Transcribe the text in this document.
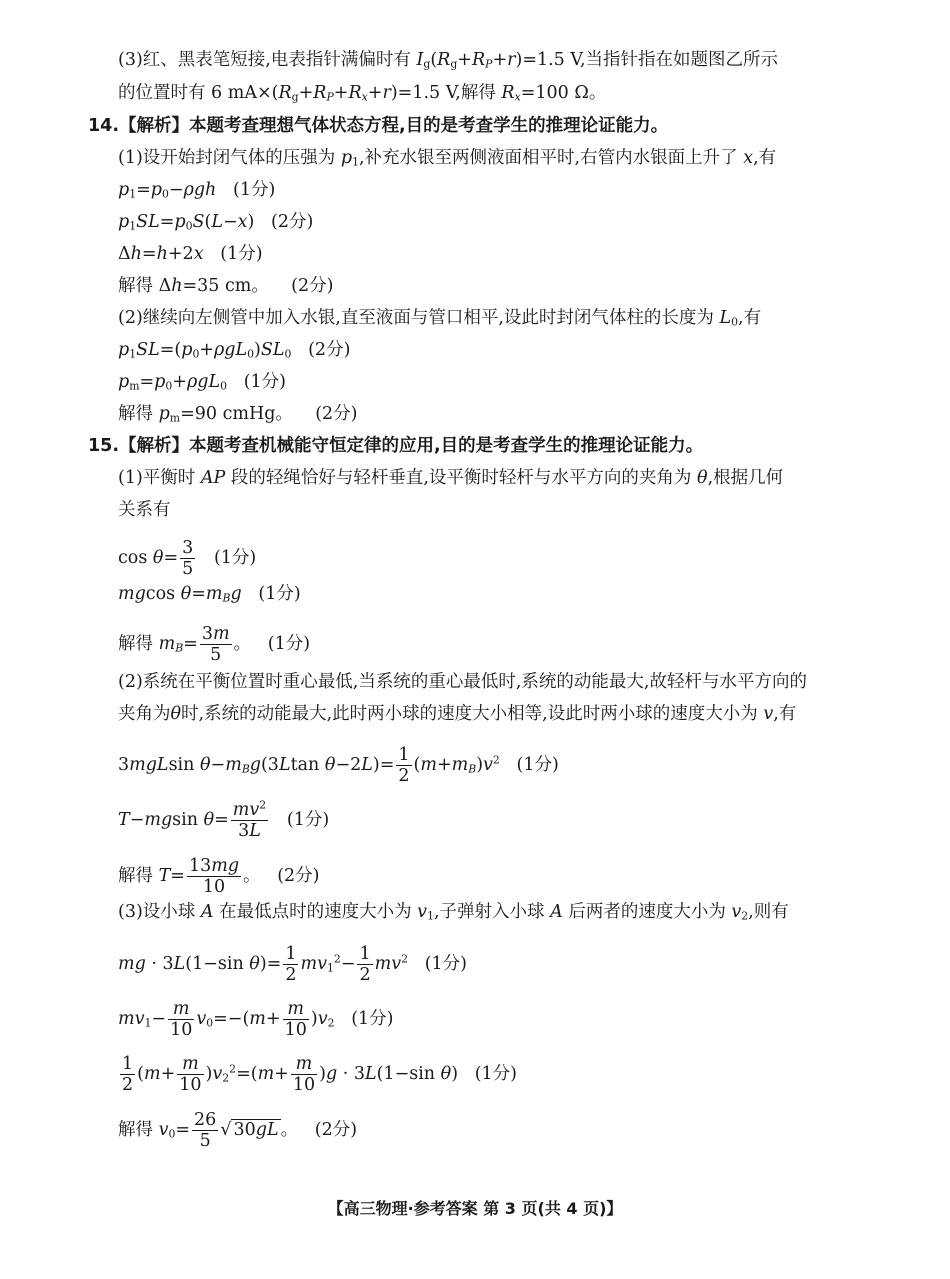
(3)红、黑表笔短接,电表指针满偏时有 $I_g(R_g+R_P+r)=1.5$ V,当指针指在如题图乙所示
的位置时有 6 $mA\times(R_g+R_P+R_x+r)=1.5$ V,解得 $R_x=100$ Ω。
14.【解析】本题考查理想气体状态方程,目的是考查学生的推理论证能力。
(1)设开始封闭气体的压强为 $p_1$,补充水银至两侧液面相平时,右管内水银面上升了 x,有
$p_1=p_0-\rho gh$ (1分)
$p_1SL=p_0S(L-x)$   (2分)
Δh=h+2x (1分)
解得 Δh=35 cm。 (2分)
(2)继续向左侧管中加入水银,直至液面与管口相平,设此时封闭气体柱的长度为 $L_0$,有
$p_1SL=(p_0+\rho gL_0)SL_0$ (2分)
$p_m=p_0+\rho gL_0$ (1分)
解得 $p_m=90$ cmHg。 (2分)
15.【解析】本题考查机械能守恒定律的应用,目的是考查学生的推理论证能力。
(1)平衡时 AP 段的轻绳恰好与轻杆垂直,设平衡时轻杆与水平方向的夹角为 θ,根据几何
关系有
$\cos \theta= \frac{3}{5} (1$分)
mgcos $\theta=m_Bg$ (1分)
解得 $m_B= \frac{3m}{5}$ 。   (1分)
(2)系统在平衡位置时重心最低,当系统的重心最低时,系统的动能最大,故轻杆与水平方向的
夹角为θ时,系统的动能最大,此时两小球的速度大小相等,设此时两小球的速度大小为 v,有
3mgLsin $\theta-m_Bg(3Ltan$ $\theta-2L)= \frac{1}{2} (m+m_B)v^2$ (1分)
T−mgsin $\theta= \frac{mv^2}{3L} (1$分)
解得 $T= \frac{13mg}{10}$ 。   (2分)
(3)设小球 A 在最低点时的速度大小为 $v_1$,子弹射入小球 A 后两者的速度大小为 $v_2$,则有
mg · 3L(1−sin $\theta)= \frac{1}{2} mv_1^2- \frac{1}{2} mv^2$ (1分)
$mv_1- \frac{m}{10} v_0=-(m+ \frac{m}{10} )v_2$ (1分)
$\frac{1}{2} (m+ \frac{m}{10} )v_2^2=(m+ \frac{m}{10} )g \cdot 3L(1-\sin$ θ)   (1分)
解得 $v_0= \frac{26}{5}$ √ 30gL 。   (2分)
【高三物理·参考答案 第 3 页(共 4 页)】
